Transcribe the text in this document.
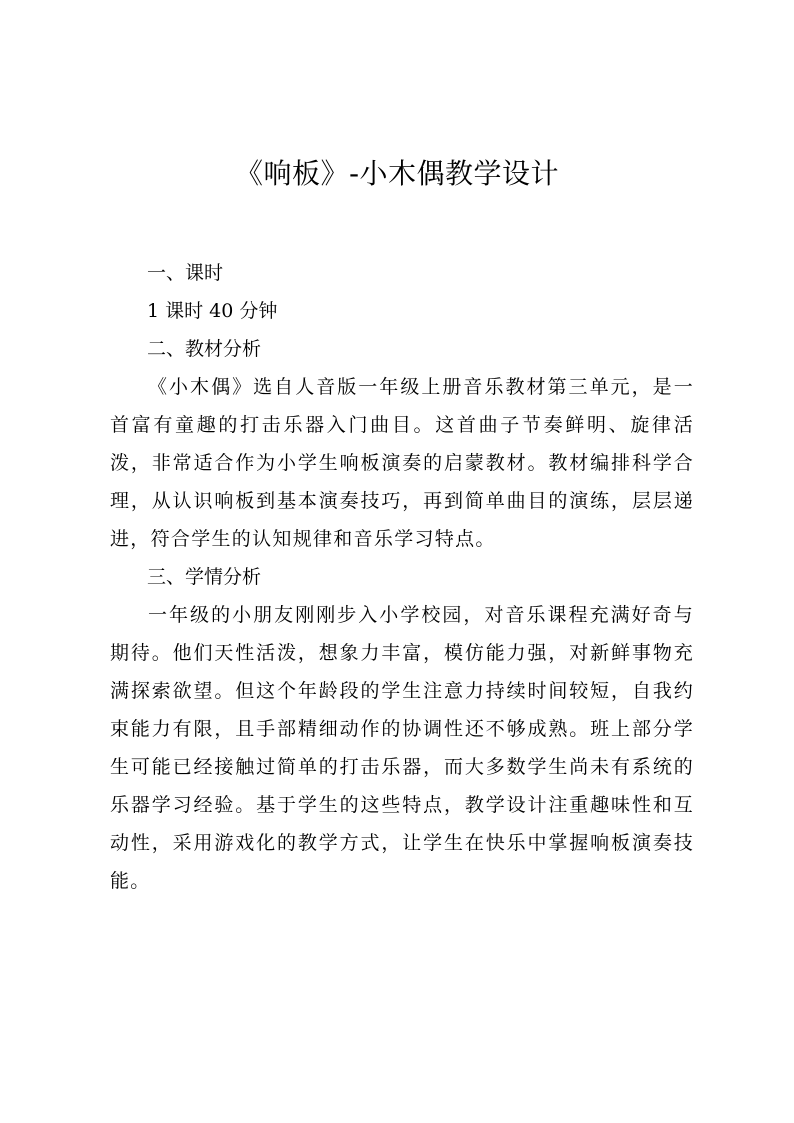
《响板》-小木偶教学设计
一、课时
1 课时 40 分钟
二、教材分析

《小木偶》选自人音版一年级上册音乐教材第三单元，是一首富有童趣的打击乐器入门曲目。这首曲子节奏鲜明、旋律活泼，非常适合作为小学生响板演奏的启蒙教材。教材编排科学合理，从认识响板到基本演奏技巧，再到简单曲目的演练，层层递进，符合学生的认知规律和音乐学习特点。

三、学情分析

一年级的小朋友刚刚步入小学校园，对音乐课程充满好奇与期待。他们天性活泼，想象力丰富，模仿能力强，对新鲜事物充满探索欲望。但这个年龄段的学生注意力持续时间较短，自我约束能力有限，且手部精细动作的协调性还不够成熟。班上部分学生可能已经接触过简单的打击乐器，而大多数学生尚未有系统的乐器学习经验。基于学生的这些特点，教学设计注重趣味性和互动性，采用游戏化的教学方式，让学生在快乐中掌握响板演奏技能。
